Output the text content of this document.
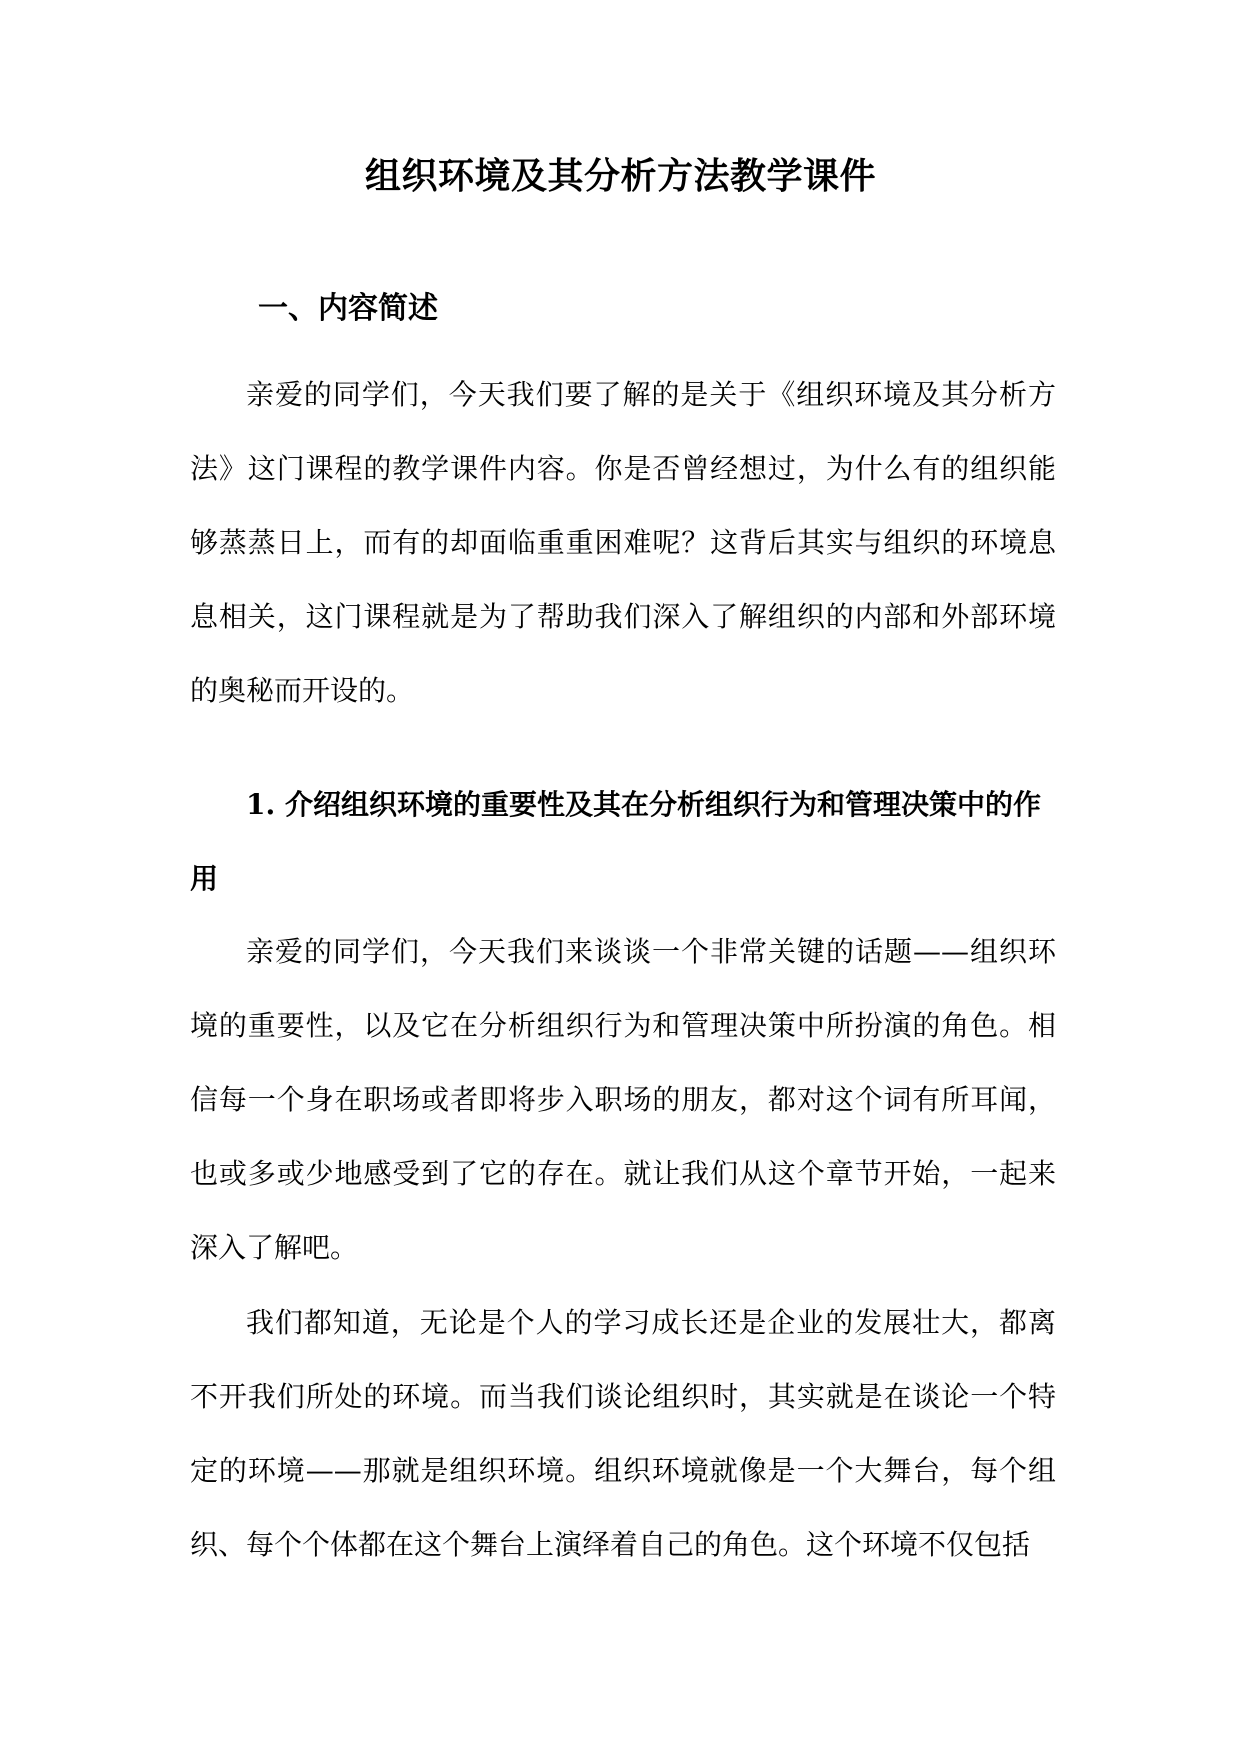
组织环境及其分析方法教学课件
一、内容简述

亲爱的同学们，今天我们要了解的是关于《组织环境及其分析方法》这门课程的教学课件内容。你是否曾经想过，为什么有的组织能够蒸蒸日上，而有的却面临重重困难呢？这背后其实与组织的环境息息相关，这门课程就是为了帮助我们深入了解组织的内部和外部环境的奥秘而开设的。

1. 介绍组织环境的重要性及其在分析组织行为和管理决策中的作用

亲爱的同学们，今天我们来谈谈一个非常关键的话题——组织环境的重要性，以及它在分析组织行为和管理决策中所扮演的角色。相信每一个身在职场或者即将步入职场的朋友，都对这个词有所耳闻，也或多或少地感受到了它的存在。就让我们从这个章节开始，一起来深入了解吧。

我们都知道，无论是个人的学习成长还是企业的发展壮大，都离不开我们所处的环境。而当我们谈论组织时，其实就是在谈论一个特定的环境——那就是组织环境。组织环境就像是一个大舞台，每个组织、每个个体都在这个舞台上演绎着自己的角色。这个环境不仅包括
